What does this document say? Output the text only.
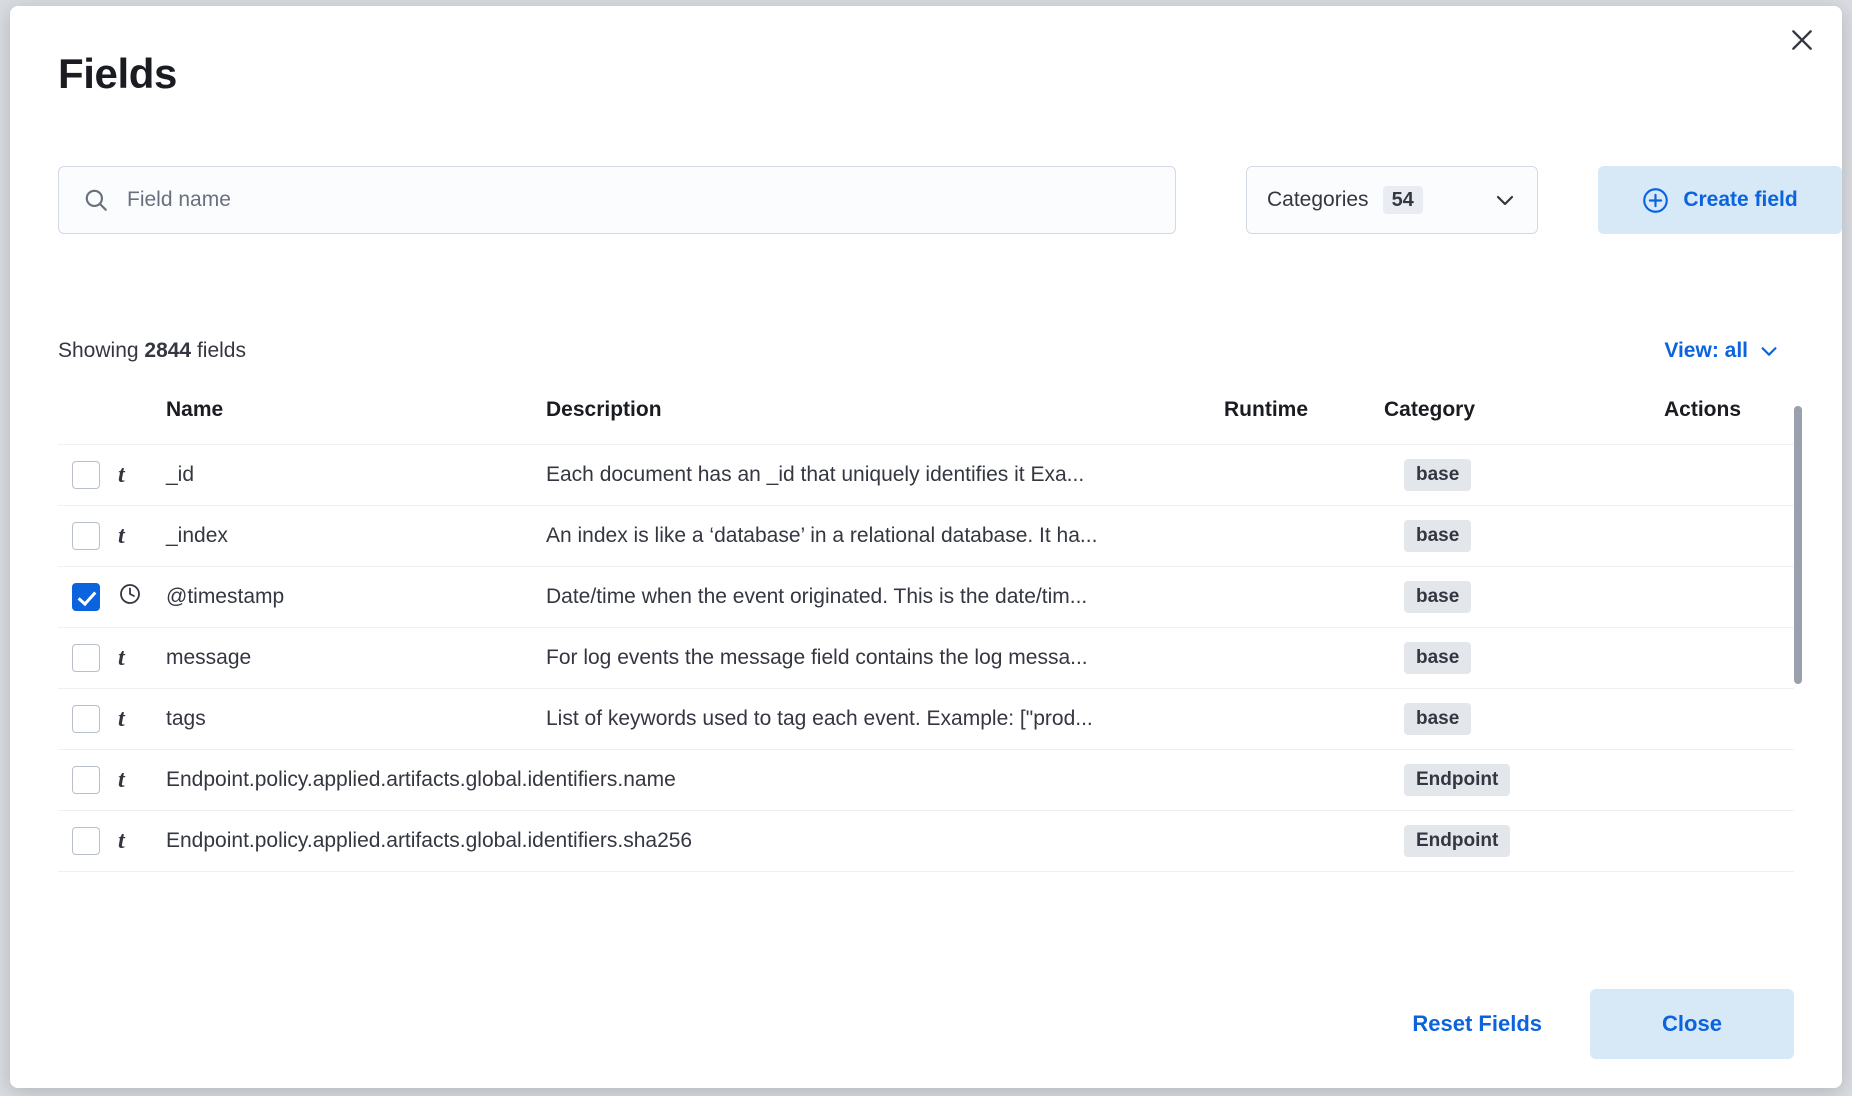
Fields
Field name
Categories	54	Create field
Showing 2844 fields	View: all
		Name	Description	Runtime	Category	Actions

	t	_id	Each document has an _id that uniquely identifies it Exa...		base	

	t	_index	An index is like a ‘database’ in a relational database. It ha...		base	

	@timestamp	Date/time when the event originated. This is the date/tim...		base	

	t	message	For log events the message field contains the log messa...		base	

	t	tags	List of keywords used to tag each event. Example: ["prod...		base	

	t	Endpoint.policy.applied.artifacts.global.identifiers.name			Endpoint	

	t	Endpoint.policy.applied.artifacts.global.identifiers.sha256			Endpoint	
Reset Fields	Close
